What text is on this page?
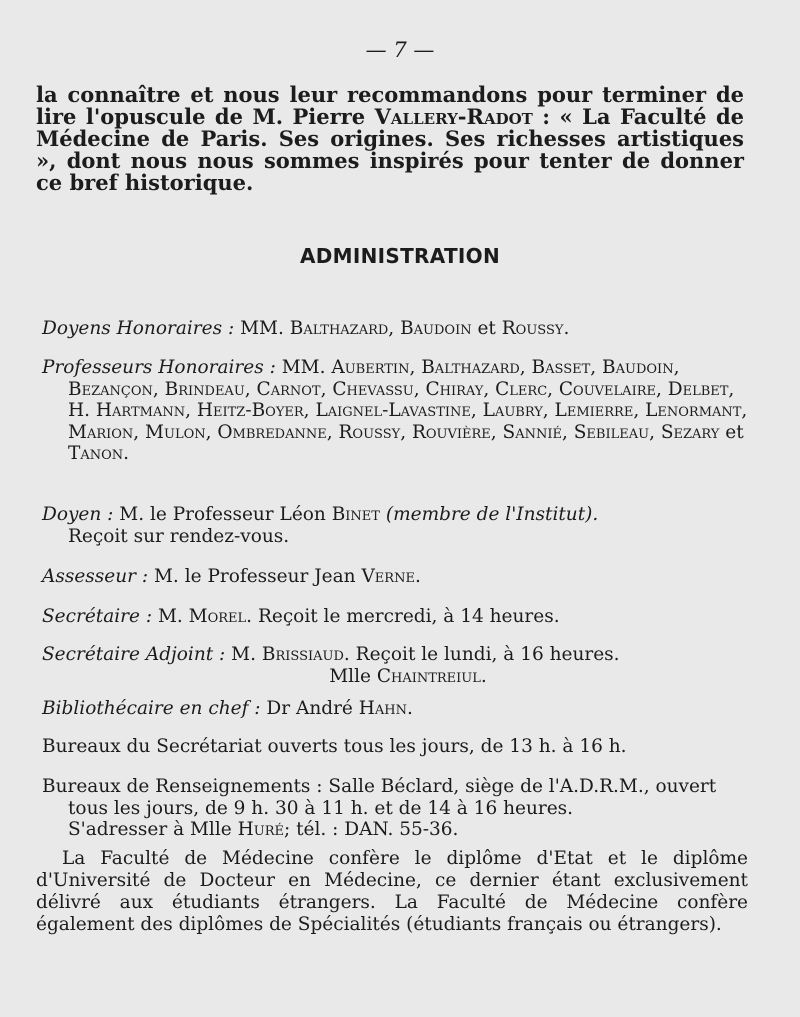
— 7 —
la connaître et nous leur recommandons pour terminer de lire l'opuscule de M. Pierre Vallery-Radot : « La Faculté de Médecine de Paris. Ses origines. Ses richesses artistiques », dont nous nous sommes inspirés pour tenter de donner ce bref historique.
ADMINISTRATION
Doyens Honoraires : MM. Balthazard, Baudoin et Roussy.
Professeurs Honoraires : MM. Aubertin, Balthazard, Basset, Baudoin, Bezançon, Brindeau, Carnot, Chevassu, Chiray, Clerc, Couvelaire, Delbet, H. Hartmann, Heitz-Boyer, Laignel-Lavastine, Laubry, Lemierre, Lenormant, Marion, Mulon, Ombredanne, Roussy, Rouvière, Sannié, Sebileau, Sezary et Tanon.
Doyen : M. le Professeur Léon Binet (membre de l'Institut).
Reçoit sur rendez-vous.
Assesseur : M. le Professeur Jean Verne.
Secrétaire : M. Morel. Reçoit le mercredi, à 14 heures.
Secrétaire Adjoint : M. Brissiaud. Reçoit le lundi, à 16 heures.
Mlle Chaintreiul.
Bibliothécaire en chef : Dr André Hahn.
Bureaux du Secrétariat ouverts tous les jours, de 13 h. à 16 h.
Bureaux de Renseignements : Salle Béclard, siège de l'A.D.R.M., ouvert tous les jours, de 9 h. 30 à 11 h. et de 14 à 16 heures.
S'adresser à Mlle Huré; tél. : DAN. 55-36.
La Faculté de Médecine confère le diplôme d'Etat et le diplôme d'Université de Docteur en Médecine, ce dernier étant exclusivement délivré aux étudiants étrangers. La Faculté de Médecine confère également des diplômes de Spécialités (étudiants français ou étrangers).
